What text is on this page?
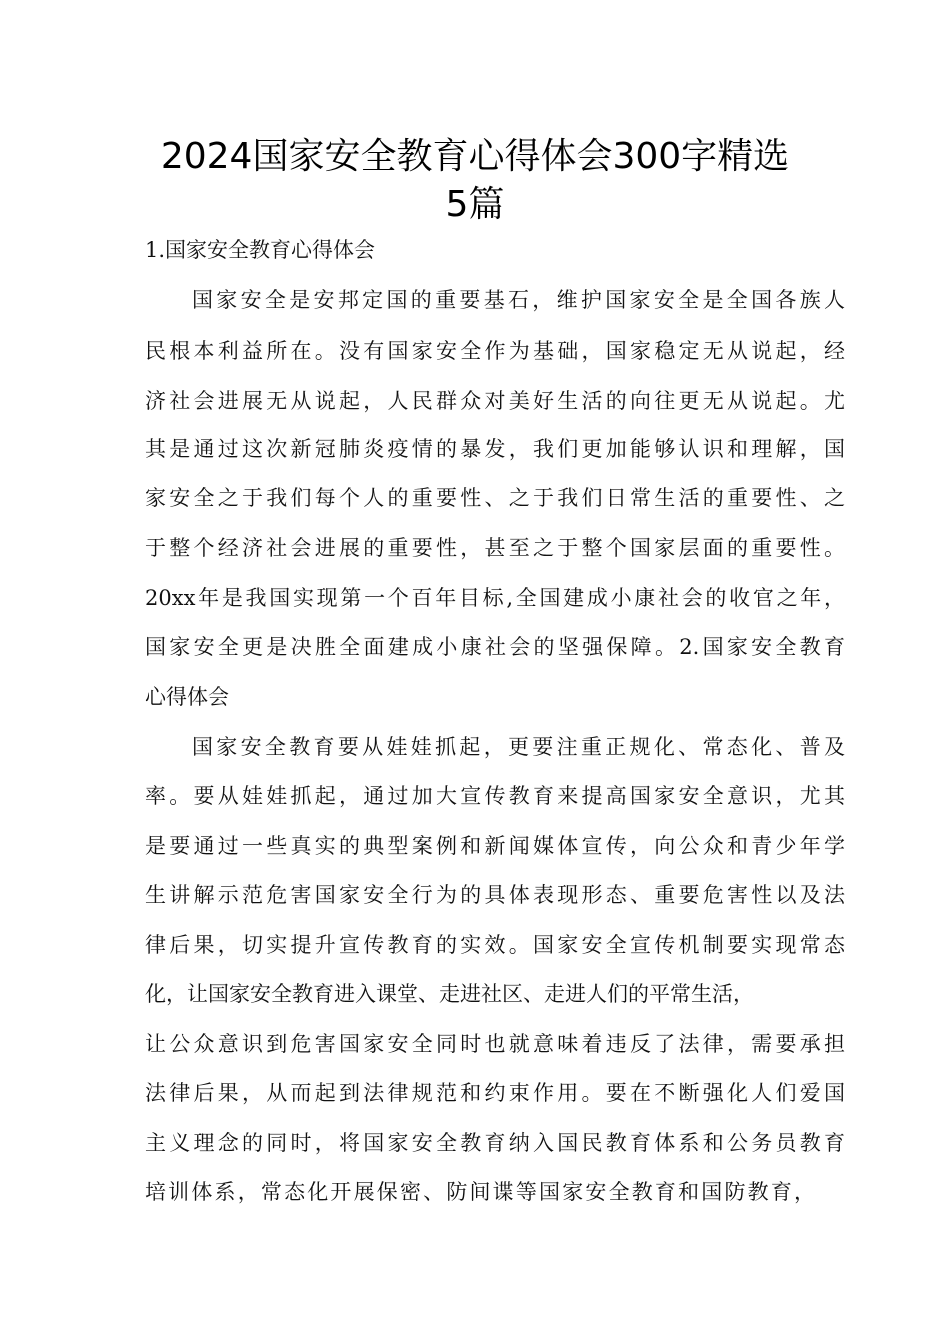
2024国家安全教育心得体会300字精选
5篇
1.国家安全教育心得体会
国家安全是安邦定国的重要基石，维护国家安全是全国各族人
民根本利益所在。没有国家安全作为基础，国家稳定无从说起，经
济社会进展无从说起，人民群众对美好生活的向往更无从说起。尤
其是通过这次新冠肺炎疫情的暴发，我们更加能够认识和理解，国
家安全之于我们每个人的重要性、之于我们日常生活的重要性、之
于整个经济社会进展的重要性，甚至之于整个国家层面的重要性。
20xx年是我国实现第一个百年目标,全国建成小康社会的收官之年，
国家安全更是决胜全面建成小康社会的坚强保障。2.国家安全教育
心得体会
国家安全教育要从娃娃抓起，更要注重正规化、常态化、普及
率。要从娃娃抓起，通过加大宣传教育来提高国家安全意识，尤其
是要通过一些真实的典型案例和新闻媒体宣传，向公众和青少年学
生讲解示范危害国家安全行为的具体表现形态、重要危害性以及法
律后果，切实提升宣传教育的实效。国家安全宣传机制要实现常态
化，让国家安全教育进入课堂、走进社区、走进人们的平常生活，
让公众意识到危害国家安全同时也就意味着违反了法律，需要承担
法律后果，从而起到法律规范和约束作用。要在不断强化人们爱国
主义理念的同时，将国家安全教育纳入国民教育体系和公务员教育
培训体系，常态化开展保密、防间谍等国家安全教育和国防教育，
